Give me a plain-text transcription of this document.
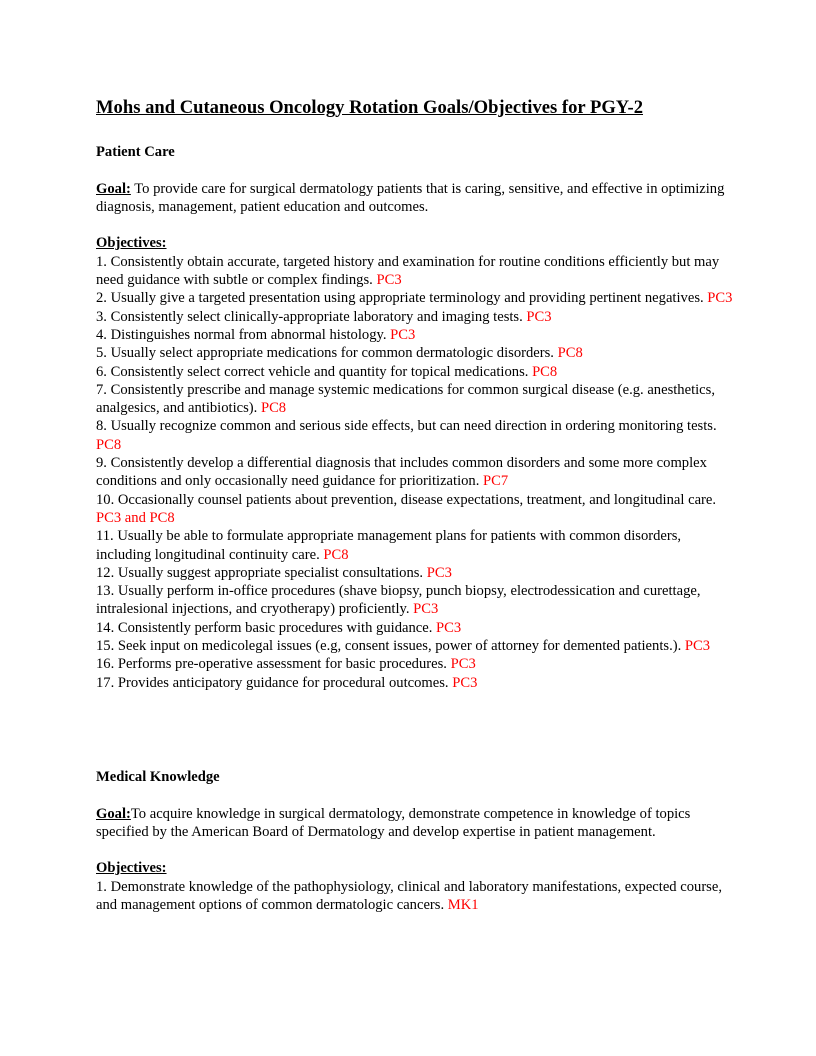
Mohs and Cutaneous Oncology Rotation Goals/Objectives for PGY-2

Patient Care

Goal: To provide care for surgical dermatology patients that is caring, sensitive, and effective in optimizing diagnosis, management, patient education and outcomes.

Objectives:

1. Consistently obtain accurate, targeted history and examination for routine conditions efficiently but may need guidance with subtle or complex findings. PC3

2. Usually give a targeted presentation using appropriate terminology and providing pertinent negatives. PC3

3. Consistently select clinically-appropriate laboratory and imaging tests. PC3

4. Distinguishes normal from abnormal histology. PC3

5. Usually select appropriate medications for common dermatologic disorders. PC8

6. Consistently select correct vehicle and quantity for topical medications. PC8

7. Consistently prescribe and manage systemic medications for common surgical disease (e.g. anesthetics, analgesics, and antibiotics). PC8

8. Usually recognize common and serious side effects, but can need direction in ordering monitoring tests. PC8

9. Consistently develop a differential diagnosis that includes common disorders and some more complex conditions and only occasionally need guidance for prioritization. PC7

10. Occasionally counsel patients about prevention, disease expectations, treatment, and longitudinal care. PC3 and PC8

11. Usually be able to formulate appropriate management plans for patients with common disorders, including longitudinal continuity care. PC8

12. Usually suggest appropriate specialist consultations. PC3

13. Usually perform in-office procedures (shave biopsy, punch biopsy, electrodessication and curettage, intralesional injections, and cryotherapy) proficiently. PC3

14. Consistently perform basic procedures with guidance. PC3

15. Seek input on medicolegal issues (e.g, consent issues, power of attorney for demented patients.). PC3

16. Performs pre-operative assessment for basic procedures. PC3

17. Provides anticipatory guidance for procedural outcomes. PC3

Medical Knowledge

Goal:To acquire knowledge in surgical dermatology, demonstrate competence in knowledge of topics specified by the American Board of Dermatology and develop expertise in patient management.

Objectives:

1. Demonstrate knowledge of the pathophysiology, clinical and laboratory manifestations, expected course, and management options of common dermatologic cancers. MK1
